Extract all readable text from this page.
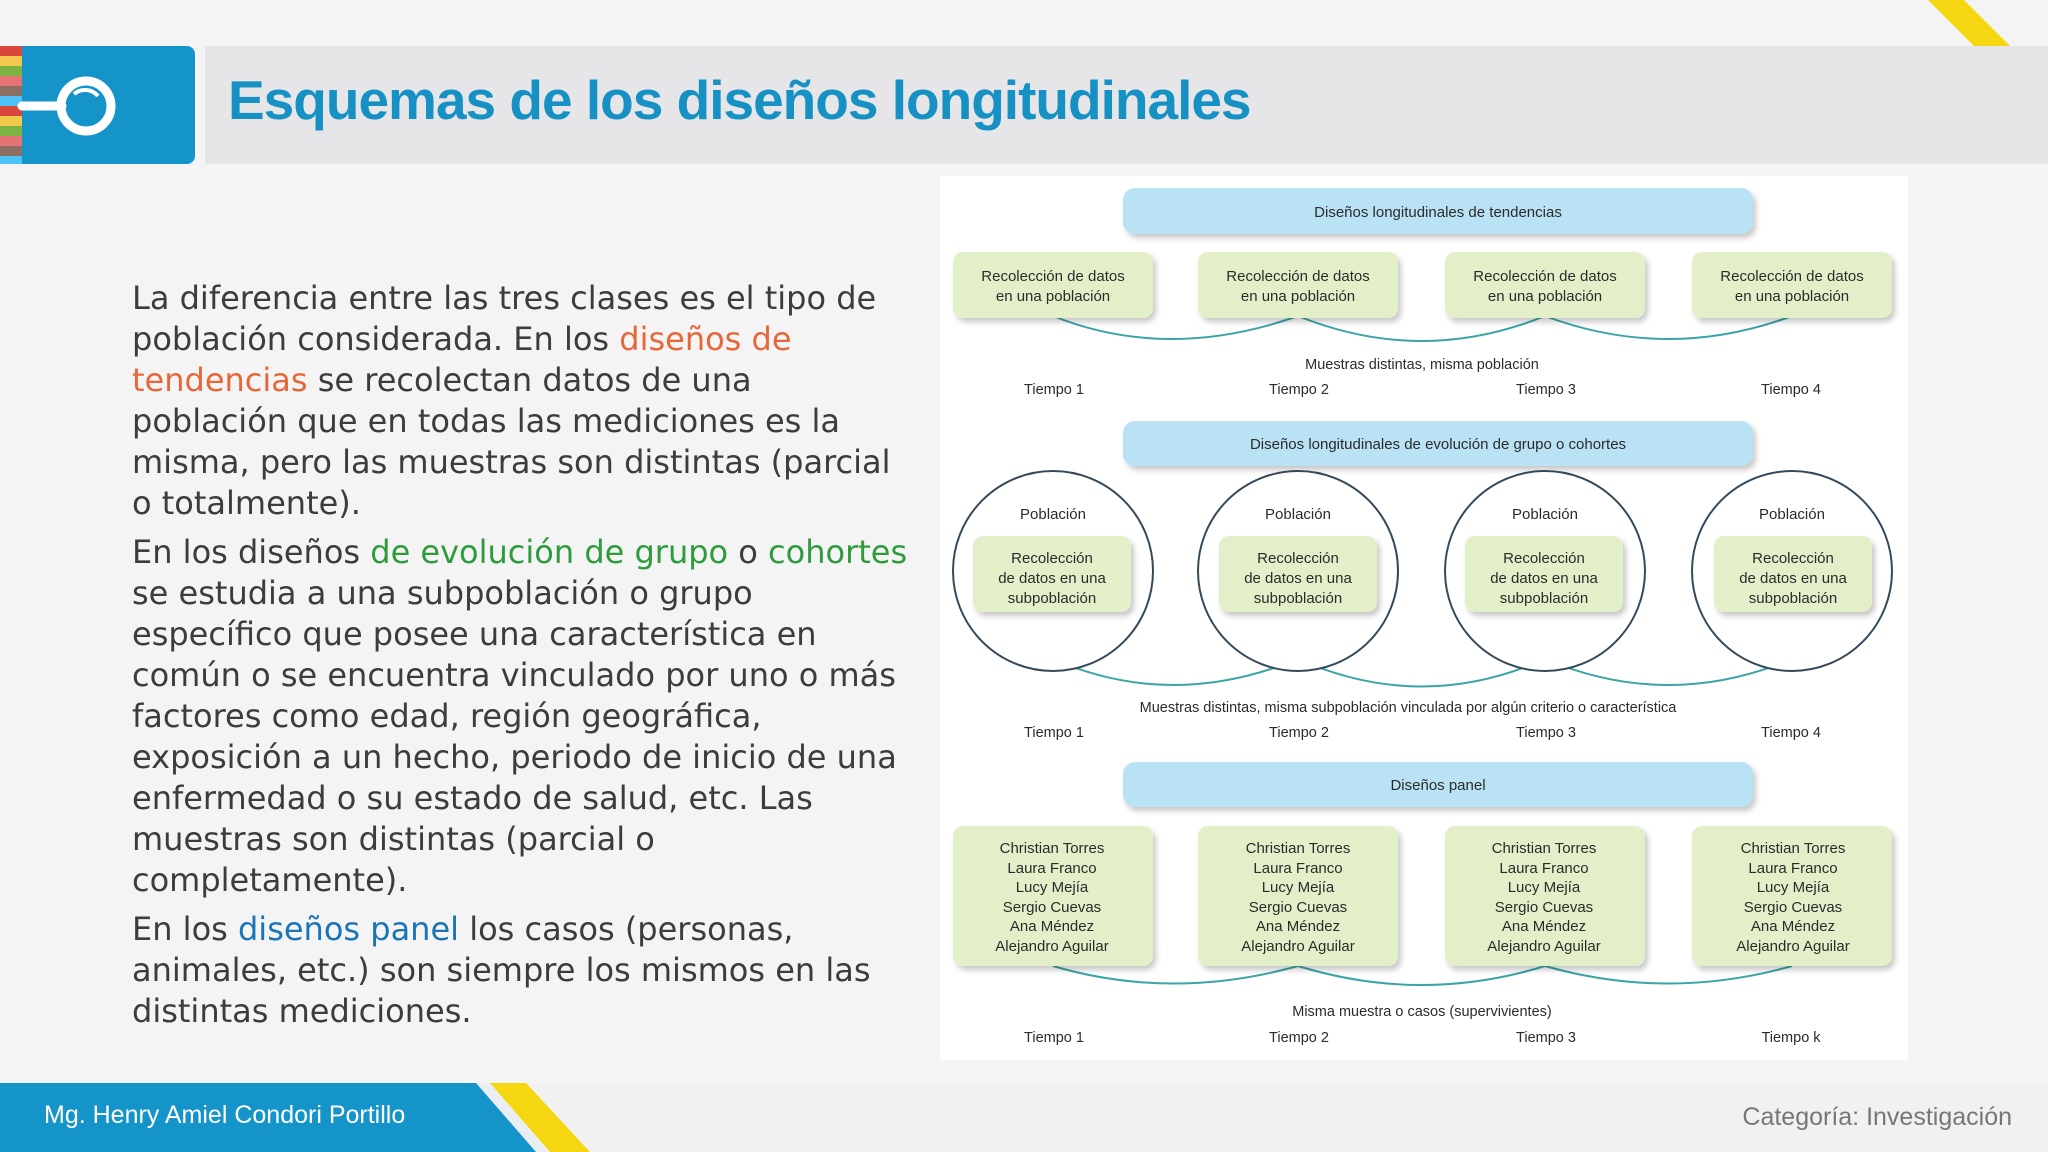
Esquemas de los diseños longitudinales

La diferencia entre las tres clases es el tipo de población considerada. En los diseños de tendencias se recolectan datos de una población que en todas las mediciones es la misma, pero las muestras son distintas (parcial o totalmente).

En los diseños de evolución de grupo o cohortes se estudia a una subpoblación o grupo específico que posee una característica en común o se encuentra vinculado por uno o más factores como edad, región geográfica, exposición a un hecho, periodo de inicio de una enfermedad o su estado de salud, etc. Las muestras son distintas (parcial o completamente).

En los diseños panel los casos (personas, animales, etc.) son siempre los mismos en las distintas mediciones.

Diseños longitudinales de tendencias
Recolección de datos
en una población
Recolección de datos
en una población
Recolección de datos
en una población
Recolección de datos
en una población
Muestras distintas, misma población
Tiempo 1	Tiempo 2	Tiempo 3	Tiempo 4
Diseños longitudinales de evolución de grupo o cohortes
Población
Recolección
de datos en una
subpoblación
Población
Recolección
de datos en una
subpoblación
Población
Recolección
de datos en una
subpoblación
Población
Recolección
de datos en una
subpoblación
Muestras distintas, misma subpoblación vinculada por algún criterio o característica
Tiempo 1	Tiempo 2	Tiempo 3	Tiempo 4
Diseños panel
Christian Torres
Laura Franco
Lucy Mejía
Sergio Cuevas
Ana Méndez
Alejandro Aguilar
Christian Torres
Laura Franco
Lucy Mejía
Sergio Cuevas
Ana Méndez
Alejandro Aguilar
Christian Torres
Laura Franco
Lucy Mejía
Sergio Cuevas
Ana Méndez
Alejandro Aguilar
Christian Torres
Laura Franco
Lucy Mejía
Sergio Cuevas
Ana Méndez
Alejandro Aguilar
Misma muestra o casos (supervivientes)
Tiempo 1	Tiempo 2	Tiempo 3	Tiempo k
Mg. Henry Amiel Condori Portillo	Categoría: Investigación
